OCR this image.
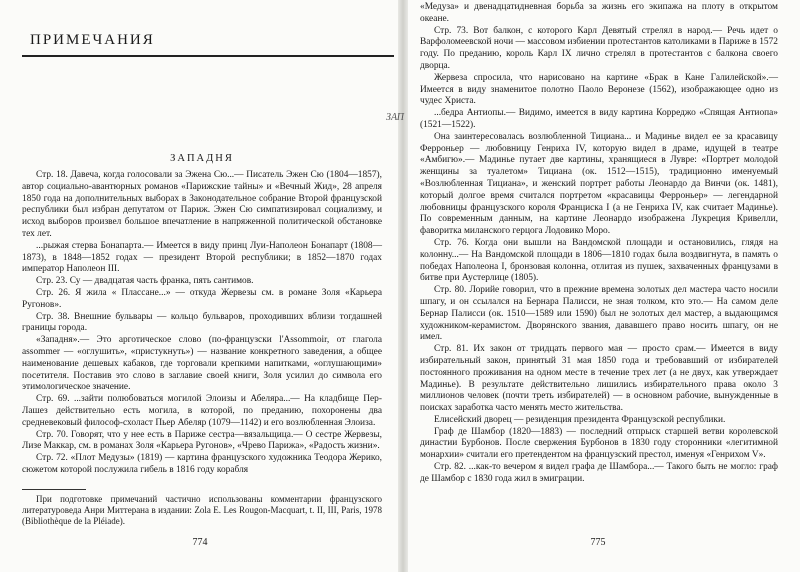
ПРИМЕЧАНИЯ
ЗАПАДНЯ

Стр. 18. Давеча, когда голосовали за Эжена Сю...— Писатель Эжен Сю (1804—1857), автор социально-авантюрных романов «Парижские тайны» и «Вечный Жид», 28 апреля 1850 года на дополнительных выборах в Законодательное собрание Второй французской республики был избран депутатом от Париж. Эжен Сю симпатизировал социализму, и исход выборов произвел большое впечатление в напряженной политической обстановке тех лет.

...рыжая стерва Бонапарта.— Имеется в виду принц Луи-Наполеон Бонапарт (1808—1873), в 1848—1852 годах — президент Второй республики; в 1852—1870 годах император Наполеон III.

Стр. 23. Су — двадцатая часть франка, пять сантимов.

Стр. 26. Я жила « Плассане...» — откуда Жервезы см. в романе Золя «Карьера Ругонов».

Стр. 38. Внешние бульвары — кольцо бульваров, проходивших вблизи тогдашней границы города.

«Западня».— Это арготическое слово (по-французски l'Assommoir, от глагола assommer — «оглушить», «пристукнуть») — название конкретного заведения, а общее наименование дешевых кабаков, где торговали крепкими напитками, «оглушающими» посетителя. Поставив это слово в заглавие своей книги, Золя усилил до символа его этимологическое значение.

Стр. 69. ...зайти полюбоваться могилой Элоизы и Абеляра...— На кладбище Пер-Лашез действительно есть могила, в которой, по преданию, похоронены два средневековый философ-схоласт Пьер Абеляр (1079—1142) и его возлюбленная Элоиза.

Стр. 70. Говорят, что у нее есть в Париже сестра—вязальщица.— О сестре Жервезы, Лизе Маккар, см. в романах Золя «Карьера Ругонов», «Чрево Парижа», «Радость жизни».

Стр. 72. «Плот Медузы» (1819) — картина французского художника Теодора Жерико, сюжетом которой послужила гибель в 1816 году корабля

При подготовке примечаний частично использованы комментарии французского литературоведа Анри Миттерана в издании: Zola E. Les Rougon-Macquart, t. II, III, Paris, 1978 (Bibliothèque de la Pléiade).

774
ЗАП

«Медуза» и двенадцатидневная борьба за жизнь его экипажа на плоту в открытом океане.

Стр. 73. Вот балкон, с которого Карл Девятый стрелял в народ.— Речь идет о Варфоломеевской ночи — массовом избиении протестантов католиками в Париже в 1572 году. По преданию, король Карл IX лично стрелял в протестантов с балкона своего дворца.

Жервеза спросила, что нарисовано на картине «Брак в Кане Галилейской».— Имеется в виду знаменитое полотно Паоло Веронезе (1562), изображающее одно из чудес Христа.

...бедра Антиопы.— Видимо, имеется в виду картина Корреджо «Спящая Антиопа» (1521—1522).

Она заинтересовалась возлюбленной Тициана... и Мадинье видел ее за красавицу Ферроньер — любовницу Генриха IV, которую видел в драме, идущей в театре «Амбигю».— Мадинье путает две картины, хранящиеся в Лувре: «Портрет молодой женщины за туалетом» Тициана (ок. 1512—1515), традиционно именуемый «Возлюбленная Тициана», и женский портрет работы Леонардо да Винчи (ок. 1481), который долгое время считался портретом «красавицы Ферроньер» — легендарной любовницы французского короля Франциска I (а не Генриха IV, как считает Мадинье). По современным данным, на картине Леонардо изображена Лукреция Кривелли, фаворитка миланского герцога Лодовико Моро.

Стр. 76. Когда они вышли на Вандомской площади и остановились, глядя на колонну...— На Вандомской площади в 1806—1810 годах была воздвигнута, в память о победах Наполеона I, бронзовая колонна, отлитая из пушек, захваченных французами в битве при Аустерлице (1805).

Стр. 80. Лорийе говорил, что в прежние времена золотых дел мастера часто носили шпагу, и он ссылался на Бернара Палисси, не зная толком, кто это.— На самом деле Бернар Палисси (ок. 1510—1589 или 1590) был не золотых дел мастер, а выдающимся художником-керамистом. Дворянского звания, дававшего право носить шпагу, он не имел.

Стр. 81. Их закон от тридцать первого мая — просто срам.— Имеется в виду избирательный закон, принятый 31 мая 1850 года и требовавший от избирателей постоянного проживания на одном месте в течение трех лет (а не двух, как утверждает Мадинье). В результате действительно лишились избирательного права около 3 миллионов человек (почти треть избирателей) — в основном рабочие, вынужденные в поисках заработка часто менять место жительства.

Елисейский дворец — резиденция президента Французской республики.

Граф де Шамбор (1820—1883) — последний отпрыск старшей ветви королевской династии Бурбонов. После свержения Бурбонов в 1830 году сторонники «легитимной монархии» считали его претендентом на французский престол, именуя «Генрихом V».

Стр. 82. ...как-то вечером я видел графа де Шамбора...— Такого быть не могло: граф де Шамбор с 1830 года жил в эмиграции.

775
